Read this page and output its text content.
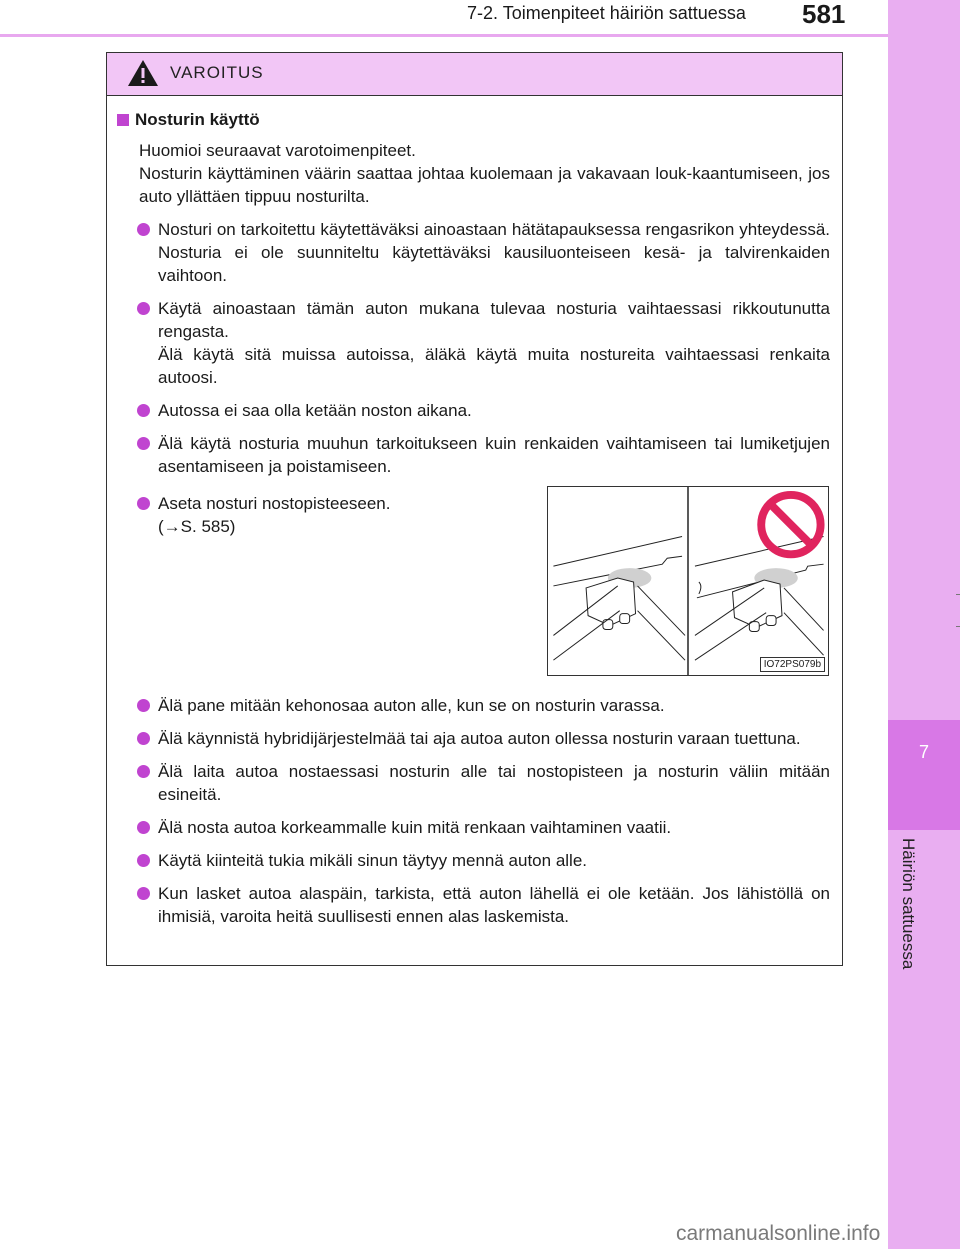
7-2. Toimenpiteet häiriön sattuessa 581
7
Häiriön sattuessa
VAROITUS
Nosturin käyttö

Huomioi seuraavat varotoimenpiteet.

Nosturin käyttäminen väärin saattaa johtaa kuolemaan ja vakavaan louk-kaantumiseen, jos auto yllättäen tippuu nosturilta.

Nosturi on tarkoitettu käytettäväksi ainoastaan hätätapauksessa rengasrikon yhteydessä. Nosturia ei ole suunniteltu käytettäväksi kausiluonteiseen kesä- ja talvirenkaiden vaihtoon.

Käytä ainoastaan tämän auton mukana tulevaa nosturia vaihtaessasi rikkoutunutta rengasta.

Älä käytä sitä muissa autoissa, äläkä käytä muita nostureita vaihtaessasi renkaita autoosi.

Autossa ei saa olla ketään noston aikana.

Älä käytä nosturia muuhun tarkoitukseen kuin renkaiden vaihtamiseen tai lumiketjujen asentamiseen ja poistamiseen.

Aseta nosturi nostopisteeseen.

(→S. 585)

IO72PS079b

Älä pane mitään kehonosaa auton alle, kun se on nosturin varassa.

Älä käynnistä hybridijärjestelmää tai aja autoa auton ollessa nosturin varaan tuettuna.

Älä laita autoa nostaessasi nosturin alle tai nostopisteen ja nosturin väliin mitään esineitä.

Älä nosta autoa korkeammalle kuin mitä renkaan vaihtaminen vaatii.

Käytä kiinteitä tukia mikäli sinun täytyy mennä auton alle.

Kun lasket autoa alaspäin, tarkista, että auton lähellä ei ole ketään. Jos lähistöllä on ihmisiä, varoita heitä suullisesti ennen alas laskemista.

carmanualsonline.info
